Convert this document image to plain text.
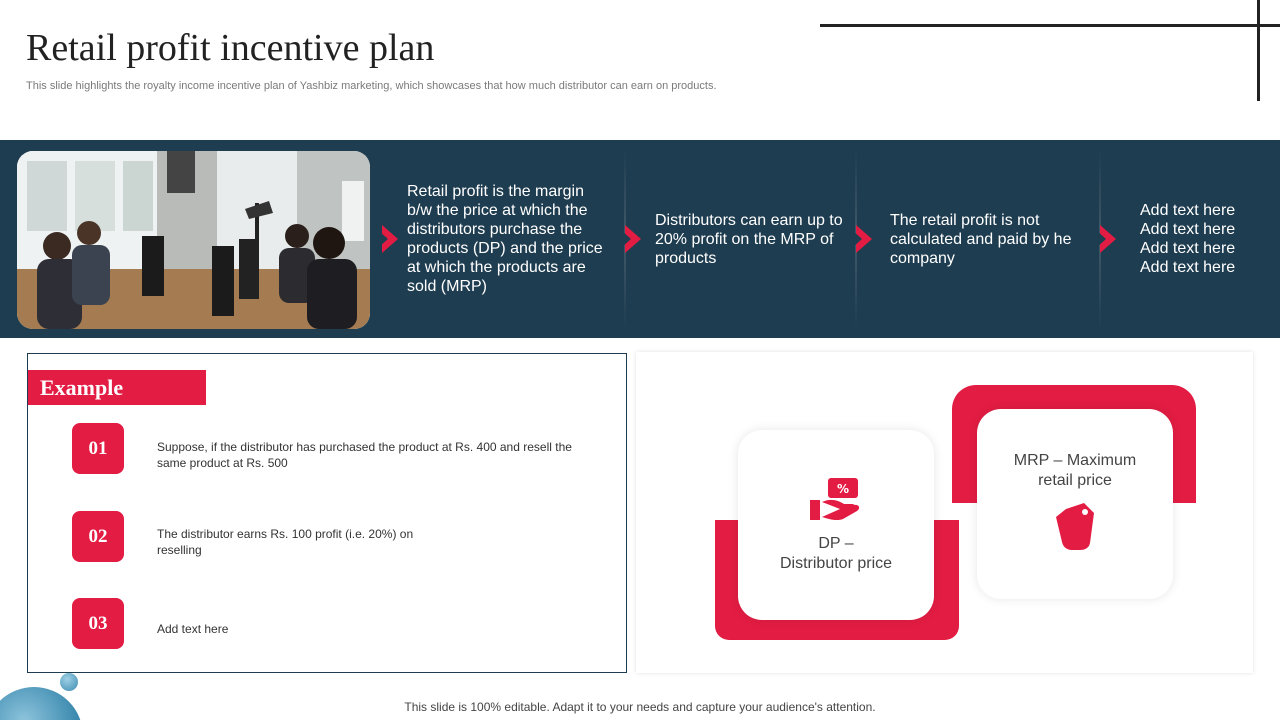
Retail profit incentive plan

This slide highlights the royalty income incentive plan of Yashbiz marketing, which showcases that how much distributor can earn on products.

Retail profit is the margin b/w the price at which the distributors purchase the products (DP) and the price at which the products are sold (MRP)
Distributors can earn up to 20% profit on the MRP of products
The retail profit is not calculated and paid by he company
Add text here Add text here Add text here Add text here
Example
01	Suppose, if the distributor has purchased the product at Rs. 400 and resell the same product at Rs. 500
02	The distributor earns Rs. 100 profit (i.e. 20%) on reselling
03	Add text here
%
DP –
Distributor price
MRP – Maximum
retail price
%
OFF
This slide is 100% editable. Adapt it to your needs and capture your audience's attention.
